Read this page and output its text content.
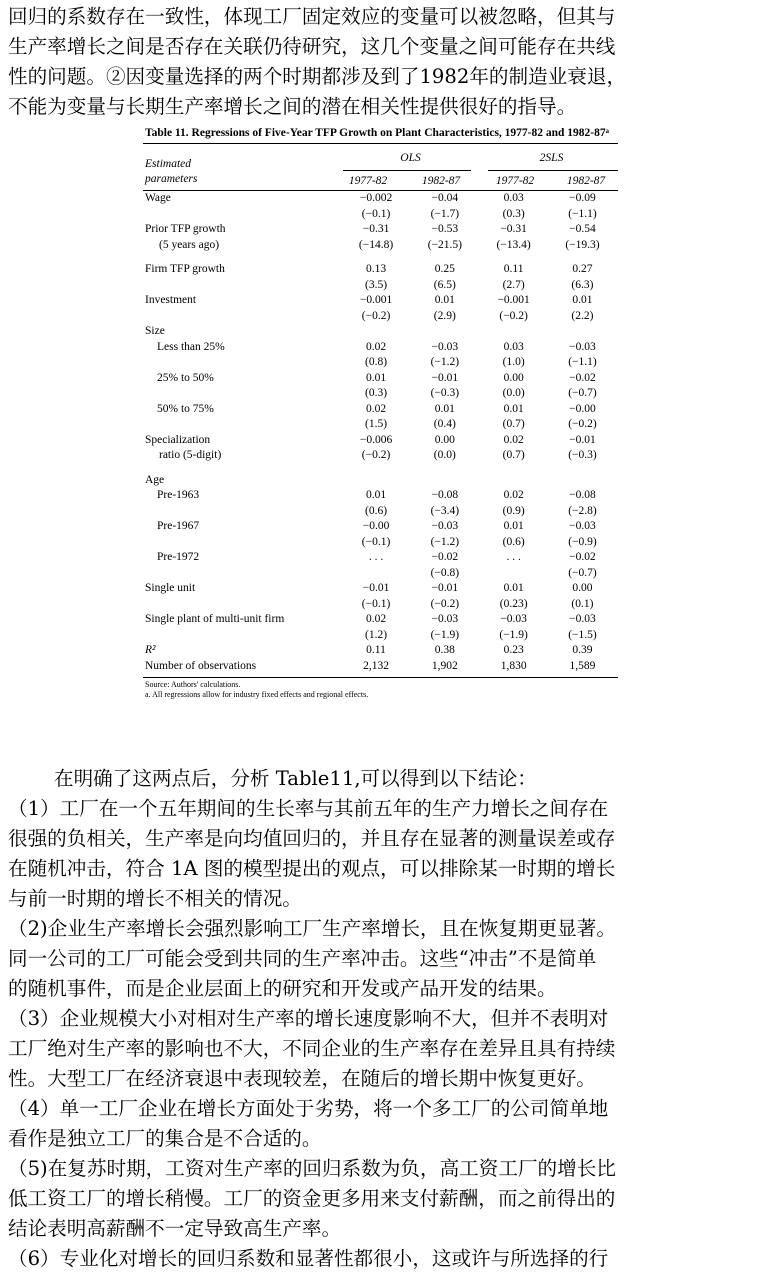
回归的系数存在一致性，体现工厂固定效应的变量可以被忽略，但其与

生产率增长之间是否存在关联仍待研究，这几个变量之间可能存在共线

性的问题。②因变量选择的两个时期都涉及到了1982年的制造业衰退，

不能为变量与长期生产率增长之间的潜在相关性提供很好的指导。

Table 11. Regressions of Five-Year TFP Growth on Plant Characteristics, 1977-82 and 1982-87ᵃ
Estimated
parameters
OLS	2SLS
1977-82	1982-87	1977-82	1982-87
Wage	−0.002	−0.04	0.03	−0.09
	(−0.1)	(−1.7)	(0.3)	(−1.1)
Prior TFP growth	−0.31	−0.53	−0.31	−0.54
(5 years ago)	(−14.8)	(−21.5)	(−13.4)	(−19.3)

Firm TFP growth	0.13	0.25	0.11	0.27
	(3.5)	(6.5)	(2.7)	(6.3)
Investment	−0.001	0.01	−0.001	0.01
	(−0.2)	(2.9)	(−0.2)	(2.2)
Size				
Less than 25%	0.02	−0.03	0.03	−0.03
	(0.8)	(−1.2)	(1.0)	(−1.1)
25% to 50%	0.01	−0.01	0.00	−0.02
	(0.3)	(−0.3)	(0.0)	(−0.7)
50% to 75%	0.02	0.01	0.01	−0.00
	(1.5)	(0.4)	(0.7)	(−0.2)
Specialization	−0.006	0.00	0.02	−0.01
ratio (5-digit)	(−0.2)	(0.0)	(0.7)	(−0.3)

Age				
Pre-1963	0.01	−0.08	0.02	−0.08
	(0.6)	(−3.4)	(0.9)	(−2.8)
Pre-1967	−0.00	−0.03	0.01	−0.03
	(−0.1)	(−1.2)	(0.6)	(−0.9)
Pre-1972	. . .	−0.02	. . .	−0.02
		(−0.8)		(−0.7)
Single unit	−0.01	−0.01	0.01	0.00
	(−0.1)	(−0.2)	(0.23)	(0.1)
Single plant of multi-unit firm	0.02	−0.03	−0.03	−0.03
	(1.2)	(−1.9)	(−1.9)	(−1.5)
R²	0.11	0.38	0.23	0.39
Number of observations	2,132	1,902	1,830	1,589
Source: Authors' calculations.
a. All regressions allow for industry fixed effects and regional effects.

在明确了这两点后，分析 Table11,可以得到以下结论：

（1）工厂在一个五年期间的生长率与其前五年的生产力增长之间存在

很强的负相关，生产率是向均值回归的，并且存在显著的测量误差或存

在随机冲击，符合 1A 图的模型提出的观点，可以排除某一时期的增长

与前一时期的增长不相关的情况。

（2)企业生产率增长会强烈影响工厂生产率增长，且在恢复期更显著。

同一公司的工厂可能会受到共同的生产率冲击。这些“冲击”不是简单

的随机事件，而是企业层面上的研究和开发或产品开发的结果。

（3）企业规模大小对相对生产率的增长速度影响不大，但并不表明对

工厂绝对生产率的影响也不大，不同企业的生产率存在差异且具有持续

性。大型工厂在经济衰退中表现较差，在随后的增长期中恢复更好。

（4）单一工厂企业在增长方面处于劣势，将一个多工厂的公司简单地

看作是独立工厂的集合是不合适的。

（5)在复苏时期，工资对生产率的回归系数为负，高工资工厂的增长比

低工资工厂的增长稍慢。工厂的资金更多用来支付薪酬，而之前得出的

结论表明高薪酬不一定导致高生产率。

（6）专业化对增长的回归系数和显著性都很小，这或许与所选择的行
